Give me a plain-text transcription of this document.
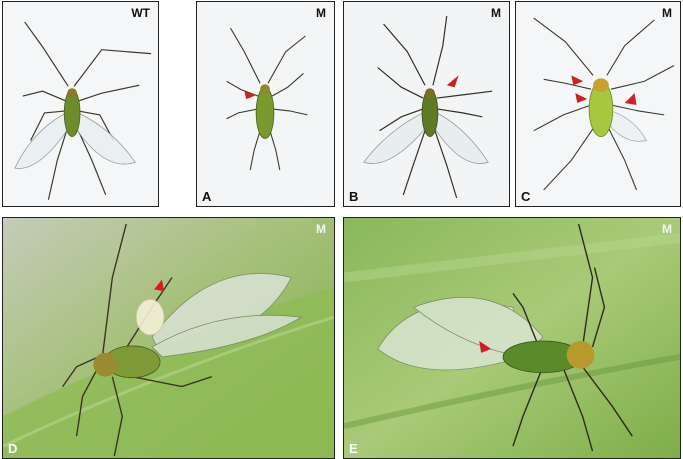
WT	M
A
M
B
M
C
M
D
M
E
